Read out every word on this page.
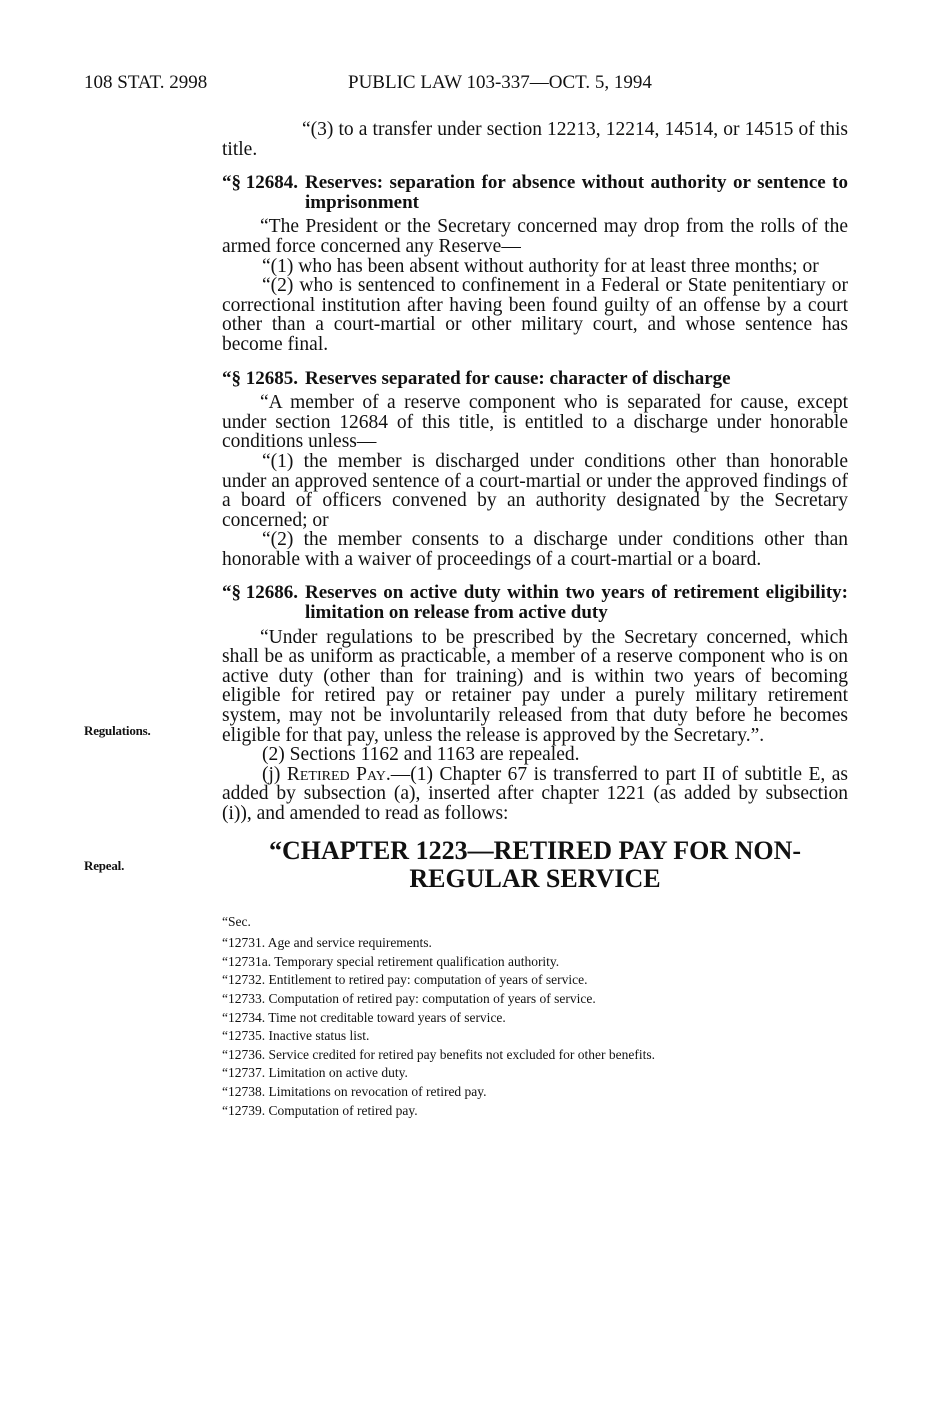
108 STAT. 2998	PUBLIC LAW 103-337—OCT. 5, 1994
Regulations.
Repeal.

“(3) to a transfer under section 12213, 12214, 14514, or 14515 of this title.

“§ 12684. Reserves: separation for absence without authority or sentence to imprisonment

“The President or the Secretary concerned may drop from the rolls of the armed force concerned any Reserve—

“(1) who has been absent without authority for at least three months; or

“(2) who is sentenced to confinement in a Federal or State penitentiary or correctional institution after having been found guilty of an offense by a court other than a court-martial or other military court, and whose sentence has become final.

“§ 12685. Reserves separated for cause: character of discharge

“A member of a reserve component who is separated for cause, except under section 12684 of this title, is entitled to a discharge under honorable conditions unless—

“(1) the member is discharged under conditions other than honorable under an approved sentence of a court-martial or under the approved findings of a board of officers convened by an authority designated by the Secretary concerned; or

“(2) the member consents to a discharge under conditions other than honorable with a waiver of proceedings of a court-martial or a board.

“§ 12686. Reserves on active duty within two years of retirement eligibility: limitation on release from active duty

“Under regulations to be prescribed by the Secretary concerned, which shall be as uniform as practicable, a member of a reserve component who is on active duty (other than for training) and is within two years of becoming eligible for retired pay or retainer pay under a purely military retirement system, may not be involuntarily released from that duty before he becomes eligible for that pay, unless the release is approved by the Secretary.”.

(2) Sections 1162 and 1163 are repealed.

(j) Retired Pay.—(1) Chapter 67 is transferred to part II of subtitle E, as added by subsection (a), inserted after chapter 1221 (as added by subsection (i)), and amended to read as follows:

“CHAPTER 1223—RETIRED PAY FOR NON-
REGULAR SERVICE

“Sec.

“12731. Age and service requirements.

“12731a. Temporary special retirement qualification authority.

“12732. Entitlement to retired pay: computation of years of service.

“12733. Computation of retired pay: computation of years of service.

“12734. Time not creditable toward years of service.

“12735. Inactive status list.

“12736. Service credited for retired pay benefits not excluded for other benefits.

“12737. Limitation on active duty.

“12738. Limitations on revocation of retired pay.

“12739. Computation of retired pay.
